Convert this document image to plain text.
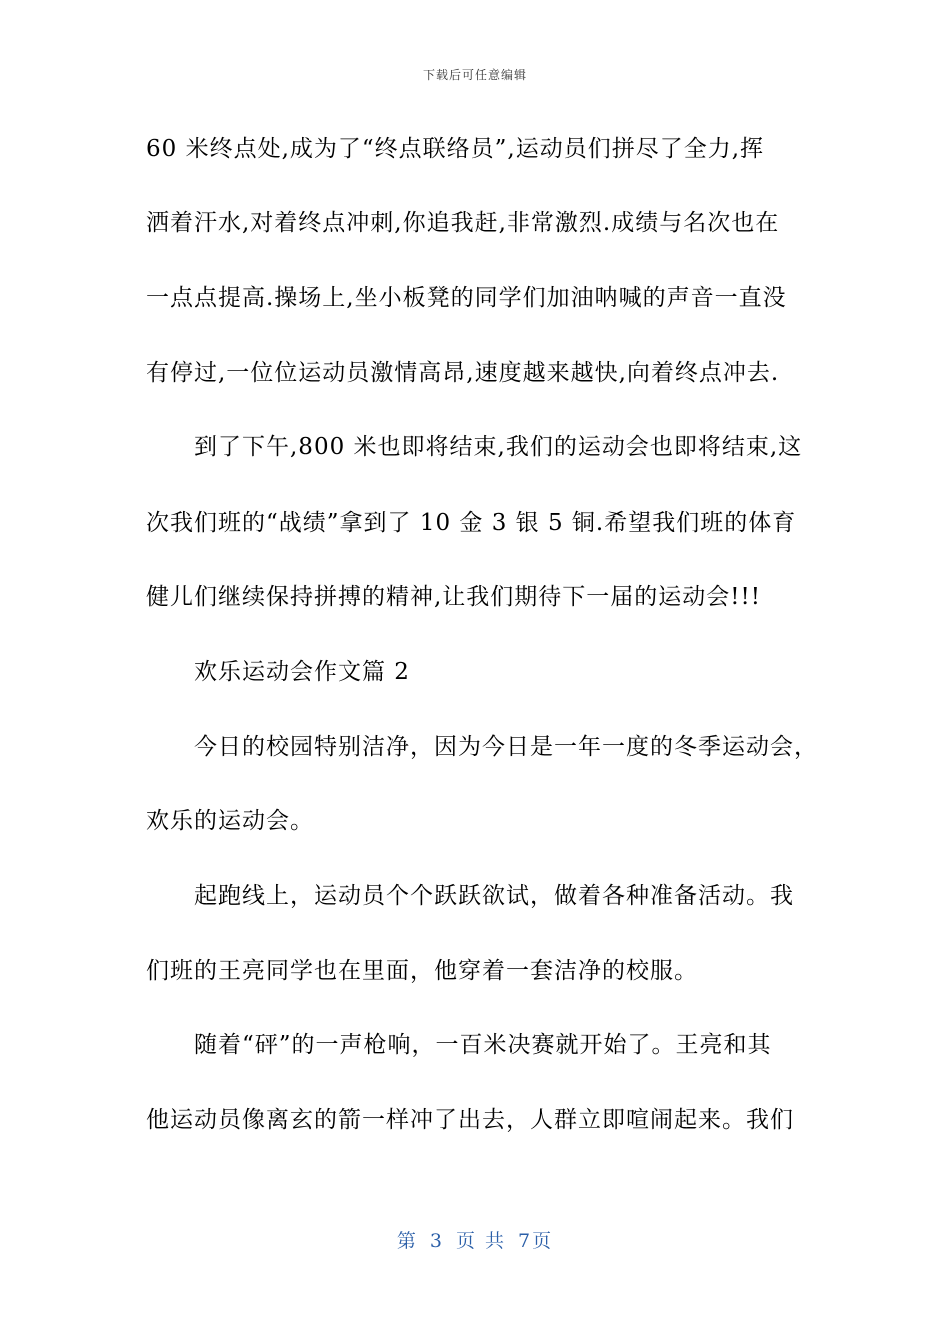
下载后可任意编辑
60 米终点处,成为了“终点联络员”,运动员们拼尽了全力,挥
洒着汗水,对着终点冲刺,你追我赶,非常激烈.成绩与名次也在
一点点提高.操场上,坐小板凳的同学们加油呐喊的声音一直没
有停过,一位位运动员激情高昂,速度越来越快,向着终点冲去.
　　到了下午,800 米也即将结束,我们的运动会也即将结束,这
次我们班的“战绩”拿到了 10 金 3 银 5 铜.希望我们班的体育
健儿们继续保持拼搏的精神,让我们期待下一届的运动会!!!
　　欢乐运动会作文篇 2
　　今日的校园特别洁净，因为今日是一年一度的冬季运动会，
欢乐的运动会。
　　起跑线上，运动员个个跃跃欲试，做着各种准备活动。我
们班的王亮同学也在里面，他穿着一套洁净的校服。
　　随着“砰”的一声枪响，一百米决赛就开始了。王亮和其
他运动员像离玄的箭一样冲了出去，人群立即喧闹起来。我们
第 3 页 共 7页
